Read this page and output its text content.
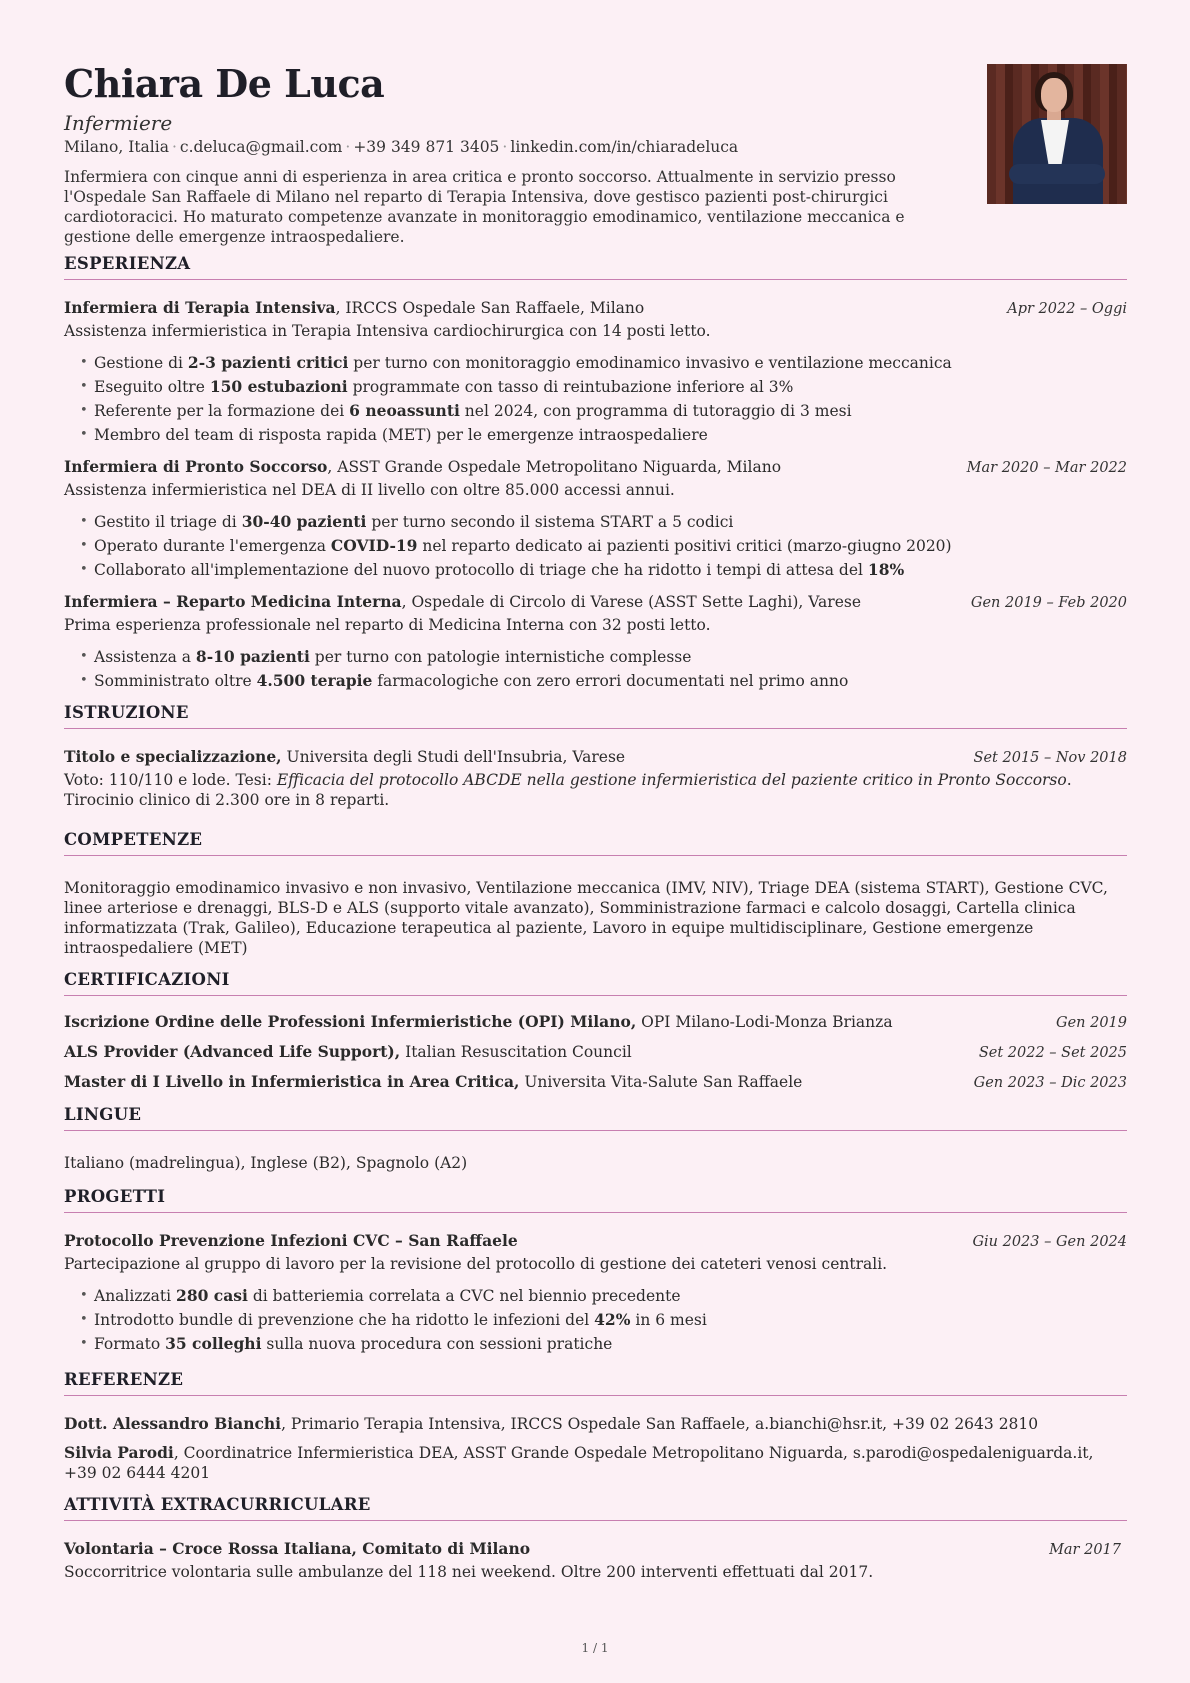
Chiara De Luca
Infermiere
Milano, Italia · c.deluca@gmail.com · +39 349 871 3405 · linkedin.com/in/chiaradeluca
Infermiera con cinque anni di esperienza in area critica e pronto soccorso. Attualmente in servizio presso l'Ospedale San Raffaele di Milano nel reparto di Terapia Intensiva, dove gestisco pazienti post-chirurgici cardiotoracici. Ho maturato competenze avanzate in monitoraggio emodinamico, ventilazione meccanica e gestione delle emergenze intraospedaliere.
ESPERIENZA
Infermiera di Terapia Intensiva, IRCCS Ospedale San Raffaele, Milano	Apr 2022 – Oggi
Assistenza infermieristica in Terapia Intensiva cardiochirurgica con 14 posti letto.
• Gestione di 2-3 pazienti critici per turno con monitoraggio emodinamico invasivo e ventilazione meccanica
• Eseguito oltre 150 estubazioni programmate con tasso di reintubazione inferiore al 3%
• Referente per la formazione dei 6 neoassunti nel 2024, con programma di tutoraggio di 3 mesi
• Membro del team di risposta rapida (MET) per le emergenze intraospedaliere
Infermiera di Pronto Soccorso, ASST Grande Ospedale Metropolitano Niguarda, Milano	Mar 2020 – Mar 2022
Assistenza infermieristica nel DEA di II livello con oltre 85.000 accessi annui.
• Gestito il triage di 30-40 pazienti per turno secondo il sistema START a 5 codici
• Operato durante l'emergenza COVID-19 nel reparto dedicato ai pazienti positivi critici (marzo-giugno 2020)
• Collaborato all'implementazione del nuovo protocollo di triage che ha ridotto i tempi di attesa del 18%
Infermiera – Reparto Medicina Interna, Ospedale di Circolo di Varese (ASST Sette Laghi), Varese	Gen 2019 – Feb 2020
Prima esperienza professionale nel reparto di Medicina Interna con 32 posti letto.
• Assistenza a 8-10 pazienti per turno con patologie internistiche complesse
• Somministrato oltre 4.500 terapie farmacologiche con zero errori documentati nel primo anno
ISTRUZIONE
Titolo e specializzazione, Universita degli Studi dell'Insubria, Varese	Set 2015 – Nov 2018
Voto: 110/110 e lode. Tesi: Efficacia del protocollo ABCDE nella gestione infermieristica del paziente critico in Pronto Soccorso. Tirocinio clinico di 2.300 ore in 8 reparti.
COMPETENZE
Monitoraggio emodinamico invasivo e non invasivo, Ventilazione meccanica (IMV, NIV), Triage DEA (sistema START), Gestione CVC, linee arteriose e drenaggi, BLS-D e ALS (supporto vitale avanzato), Somministrazione farmaci e calcolo dosaggi, Cartella clinica informatizzata (Trak, Galileo), Educazione terapeutica al paziente, Lavoro in equipe multidisciplinare, Gestione emergenze intraospedaliere (MET)
CERTIFICAZIONI
Iscrizione Ordine delle Professioni Infermieristiche (OPI) Milano, OPI Milano-Lodi-Monza Brianza	Gen 2019
ALS Provider (Advanced Life Support), Italian Resuscitation Council	Set 2022 – Set 2025
Master di I Livello in Infermieristica in Area Critica, Universita Vita-Salute San Raffaele	Gen 2023 – Dic 2023
LINGUE
Italiano (madrelingua), Inglese (B2), Spagnolo (A2)
PROGETTI
Protocollo Prevenzione Infezioni CVC – San Raffaele	Giu 2023 – Gen 2024
Partecipazione al gruppo di lavoro per la revisione del protocollo di gestione dei cateteri venosi centrali.
• Analizzati 280 casi di batteriemia correlata a CVC nel biennio precedente
• Introdotto bundle di prevenzione che ha ridotto le infezioni del 42% in 6 mesi
• Formato 35 colleghi sulla nuova procedura con sessioni pratiche
REFERENZE
Dott. Alessandro Bianchi, Primario Terapia Intensiva, IRCCS Ospedale San Raffaele, a.bianchi@hsr.it, +39 02 2643 2810
Silvia Parodi, Coordinatrice Infermieristica DEA, ASST Grande Ospedale Metropolitano Niguarda, s.parodi@ospedaleniguarda.it, +39 02 6444 4201
ATTIVITÀ EXTRACURRICULARE
Volontaria – Croce Rossa Italiana, Comitato di Milano	Mar 2017
Soccorritrice volontaria sulle ambulanze del 118 nei weekend. Oltre 200 interventi effettuati dal 2017.
1 / 1
